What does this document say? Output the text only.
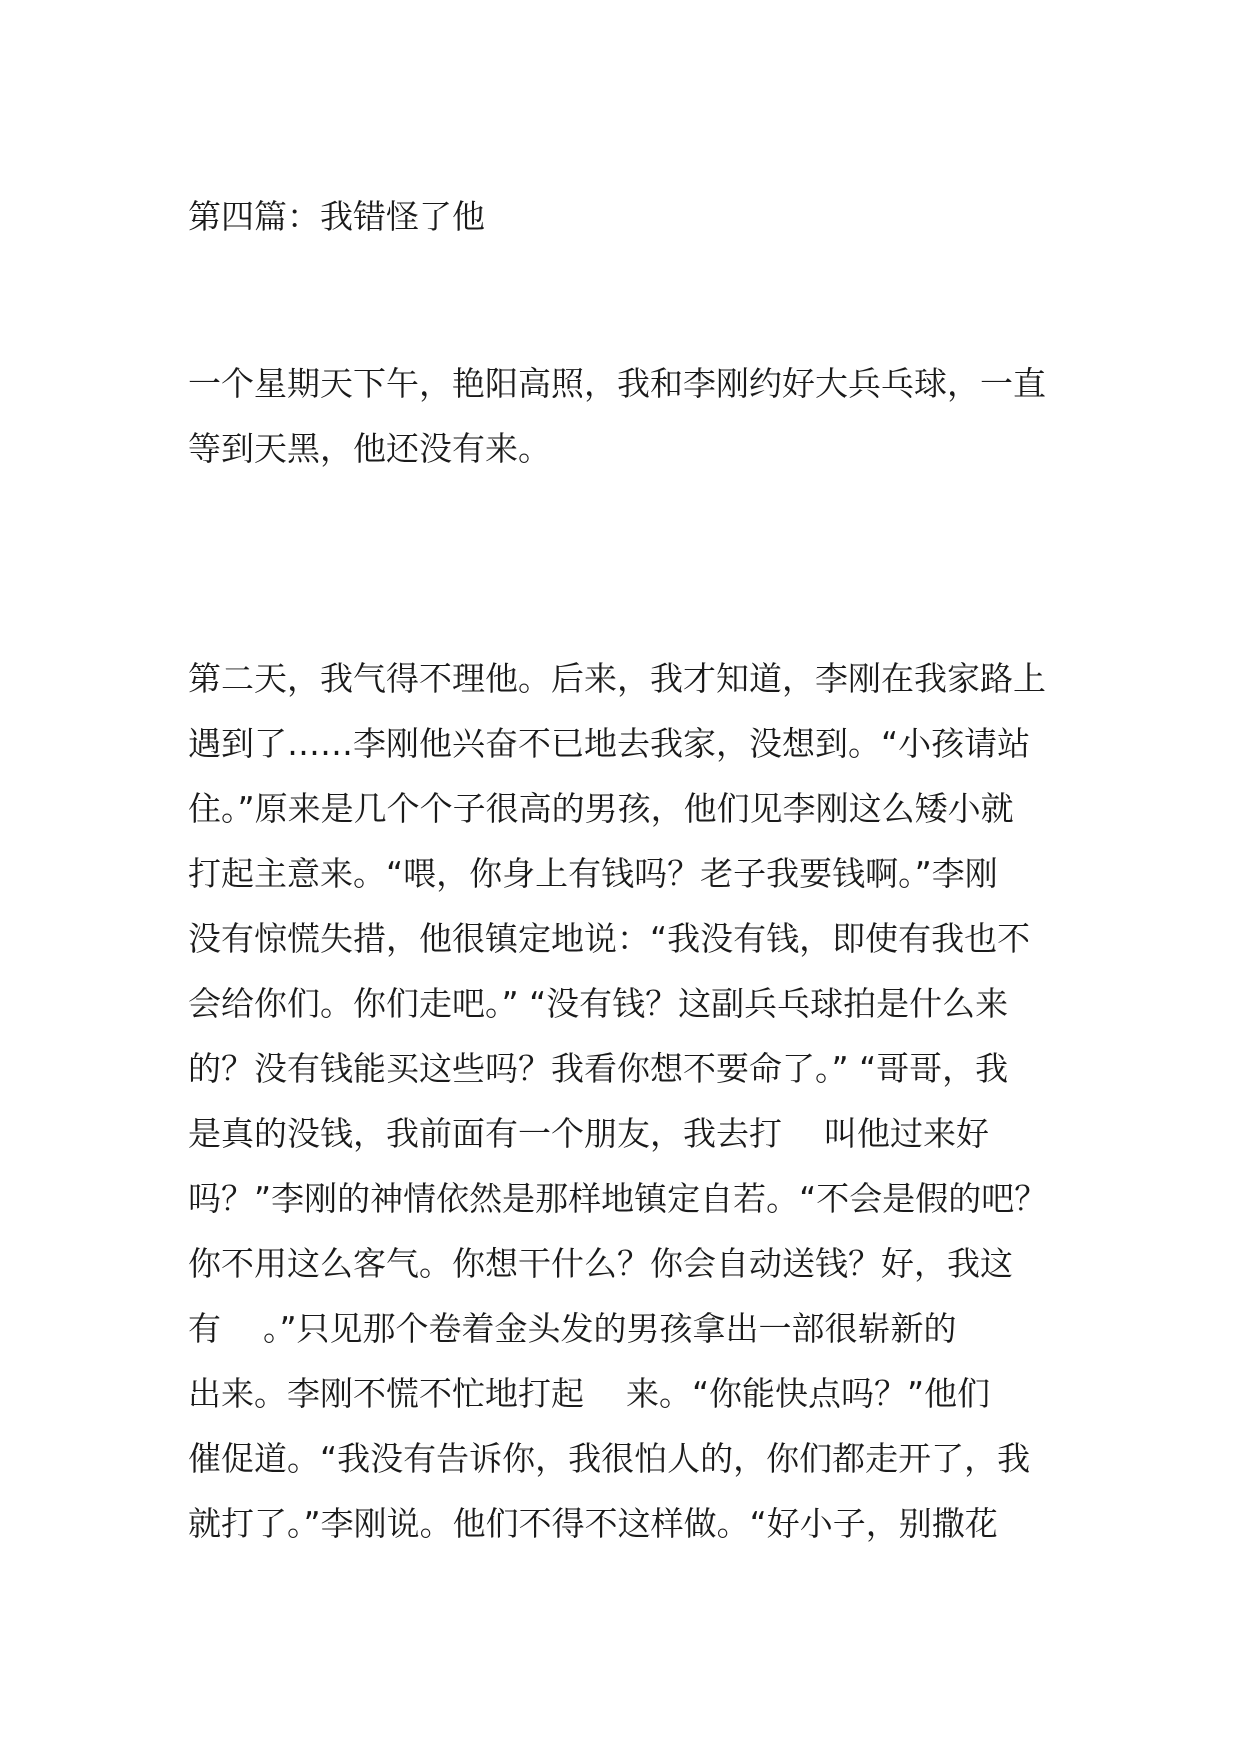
第四篇：我错怪了他
一个星期天下午，艳阳高照，我和李刚约好大兵乓球，一直
等到天黑，他还没有来。
第二天，我气得不理他。后来，我才知道，李刚在我家路上
遇到了……李刚他兴奋不已地去我家，没想到。“小孩请站
住。”原来是几个个子很高的男孩，他们见李刚这么矮小就
打起主意来。“喂，你身上有钱吗？老子我要钱啊。”李刚
没有惊慌失措，他很镇定地说：“我没有钱，即使有我也不
会给你们。你们走吧。” “没有钱？这副兵乓球拍是什么来
的？没有钱能买这些吗？我看你想不要命了。” “哥哥，我
是真的没钱，我前面有一个朋友，我去打    叫他过来好
吗？”李刚的神情依然是那样地镇定自若。“不会是假的吧？
你不用这么客气。你想干什么？你会自动送钱？好，我这
有    。”只见那个卷着金头发的男孩拿出一部很崭新的
出来。李刚不慌不忙地打起    来。“你能快点吗？”他们
催促道。“我没有告诉你，我很怕人的，你们都走开了，我
就打了。”李刚说。他们不得不这样做。“好小子，别撒花
